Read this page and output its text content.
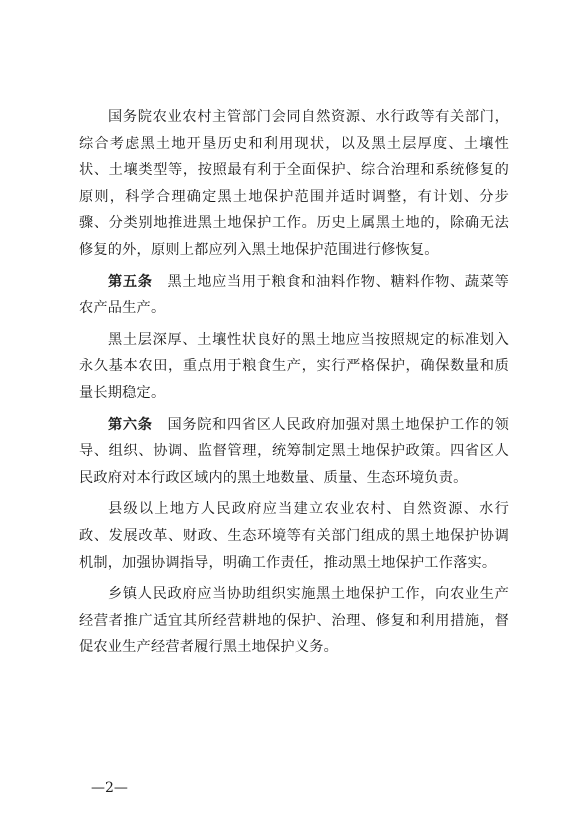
国务院农业农村主管部门会同自然资源、水行政等有关部门，综合考虑黑土地开垦历史和利用现状，以及黑土层厚度、土壤性状、土壤类型等，按照最有利于全面保护、综合治理和系统修复的原则，科学合理确定黑土地保护范围并适时调整，有计划、分步骤、分类别地推进黑土地保护工作。历史上属黑土地的，除确无法修复的外，原则上都应列入黑土地保护范围进行修恢复。

第五条　黑土地应当用于粮食和油料作物、糖料作物、蔬菜等农产品生产。

黑土层深厚、土壤性状良好的黑土地应当按照规定的标准划入永久基本农田，重点用于粮食生产，实行严格保护，确保数量和质量长期稳定。

第六条　国务院和四省区人民政府加强对黑土地保护工作的领导、组织、协调、监督管理，统筹制定黑土地保护政策。四省区人民政府对本行政区域内的黑土地数量、质量、生态环境负责。

县级以上地方人民政府应当建立农业农村、自然资源、水行政、发展改革、财政、生态环境等有关部门组成的黑土地保护协调机制，加强协调指导，明确工作责任，推动黑土地保护工作落实。

乡镇人民政府应当协助组织实施黑土地保护工作，向农业生产经营者推广适宜其所经营耕地的保护、治理、修复和利用措施，督促农业生产经营者履行黑土地保护义务。

—2—
